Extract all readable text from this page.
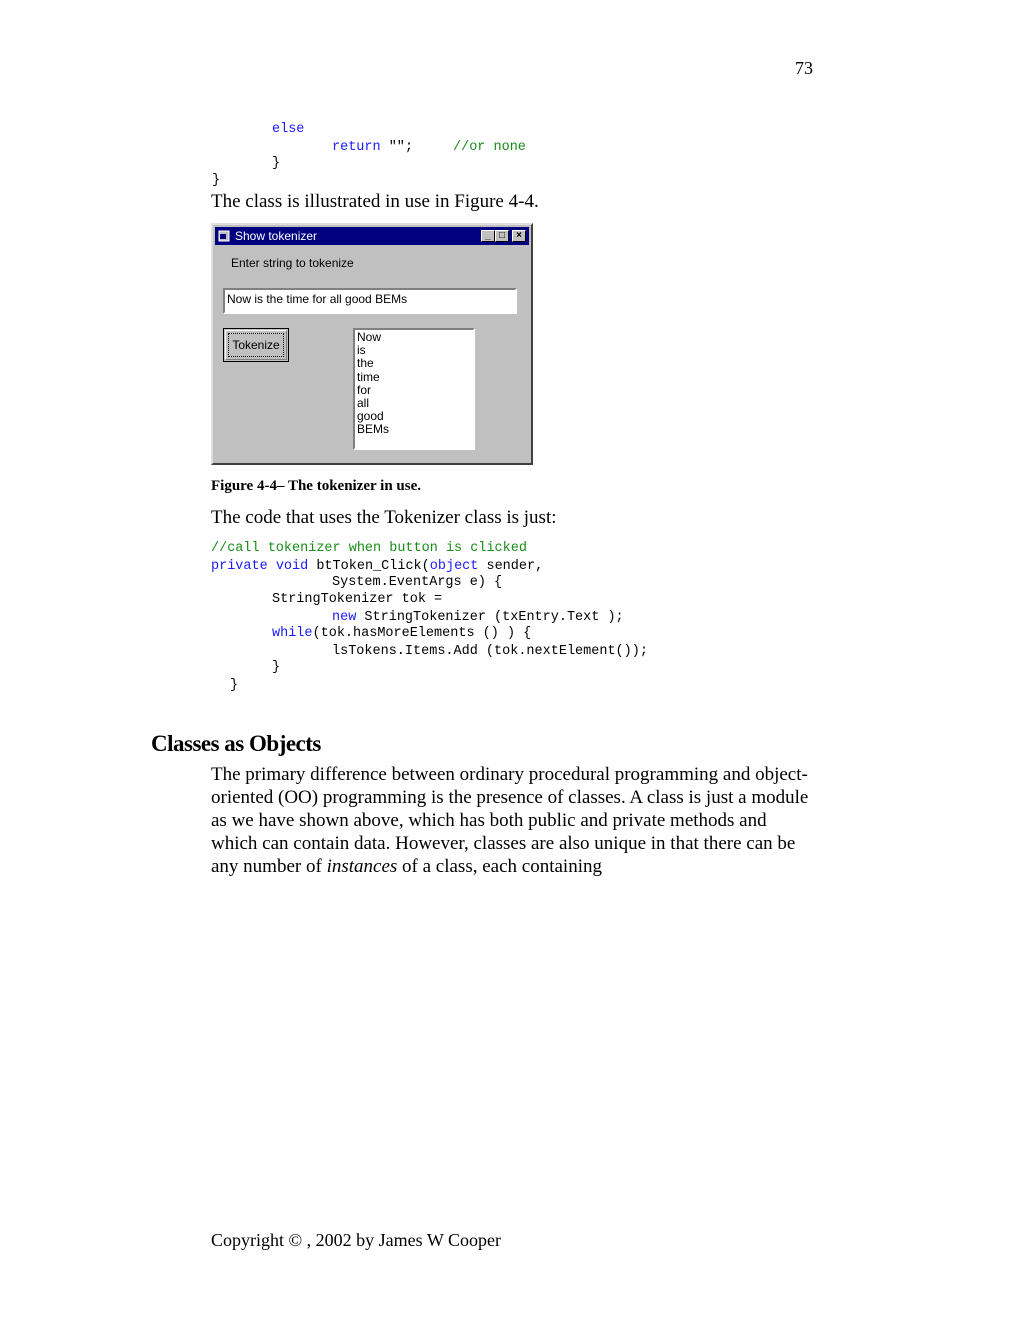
73
else
return "";	//or none
}
}
The class is illustrated in use in Figure 4-4.
Show tokenizer	_ □	×
Enter string to tokenize
Now is the time for all good BEMs
Tokenize
Now
is
the
time
for
all
good
BEMs
Figure 4-4– The tokenizer in use.
The code that uses the Tokenizer class is just:
//call tokenizer when button is clicked
private void btToken_Click(object sender,
System.EventArgs e) {
StringTokenizer tok =
new StringTokenizer (txEntry.Text );
while(tok.hasMoreElements () ) {
lsTokens.Items.Add (tok.nextElement());
}
}
Classes as Objects
The primary difference between ordinary procedural programming and object-oriented (OO) programming is the presence of classes. A class is just a module as we have shown above, which has both public and private methods and which can contain data. However, classes are also unique in that there can be any number of instances of a class, each containing
Copyright © , 2002 by James W Cooper
